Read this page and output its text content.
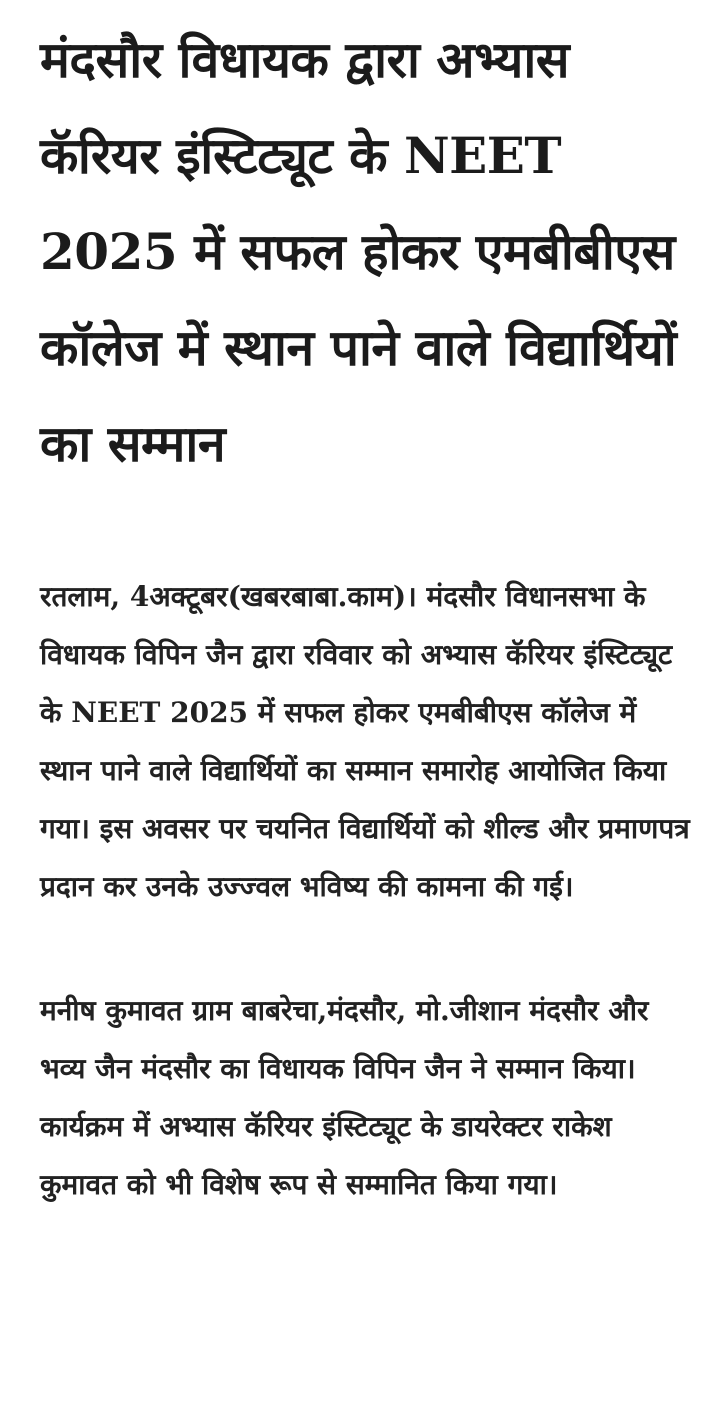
मंदसौर विधायक द्वारा अभ्यास कॅरियर इंस्टिट्यूट के NEET 2025 में सफल होकर एमबीबीएस कॉलेज में स्थान पाने वाले विद्यार्थियों का सम्मान

रतलाम, 4अक्टूबर(खबरबाबा.काम)। मंदसौर विधानसभा के विधायक विपिन जैन द्वारा रविवार को अभ्यास कॅरियर इंस्टिट्यूट के NEET 2025 में सफल होकर एमबीबीएस कॉलेज में स्थान पाने वाले विद्यार्थियों का सम्मान समारोह आयोजित किया गया। इस अवसर पर चयनित विद्यार्थियों को शील्ड और प्रमाणपत्र प्रदान कर उनके उज्ज्वल भविष्य की कामना की गई।

मनीष कुमावत ग्राम बाबरेचा,मंदसौर, मो.जीशान मंदसौर और भव्य जैन मंदसौर का विधायक विपिन जैन ने सम्मान किया।कार्यक्रम में अभ्यास कॅरियर इंस्टिट्यूट के डायरेक्टर राकेश कुमावत को भी विशेष रूप से सम्मानित किया गया।
